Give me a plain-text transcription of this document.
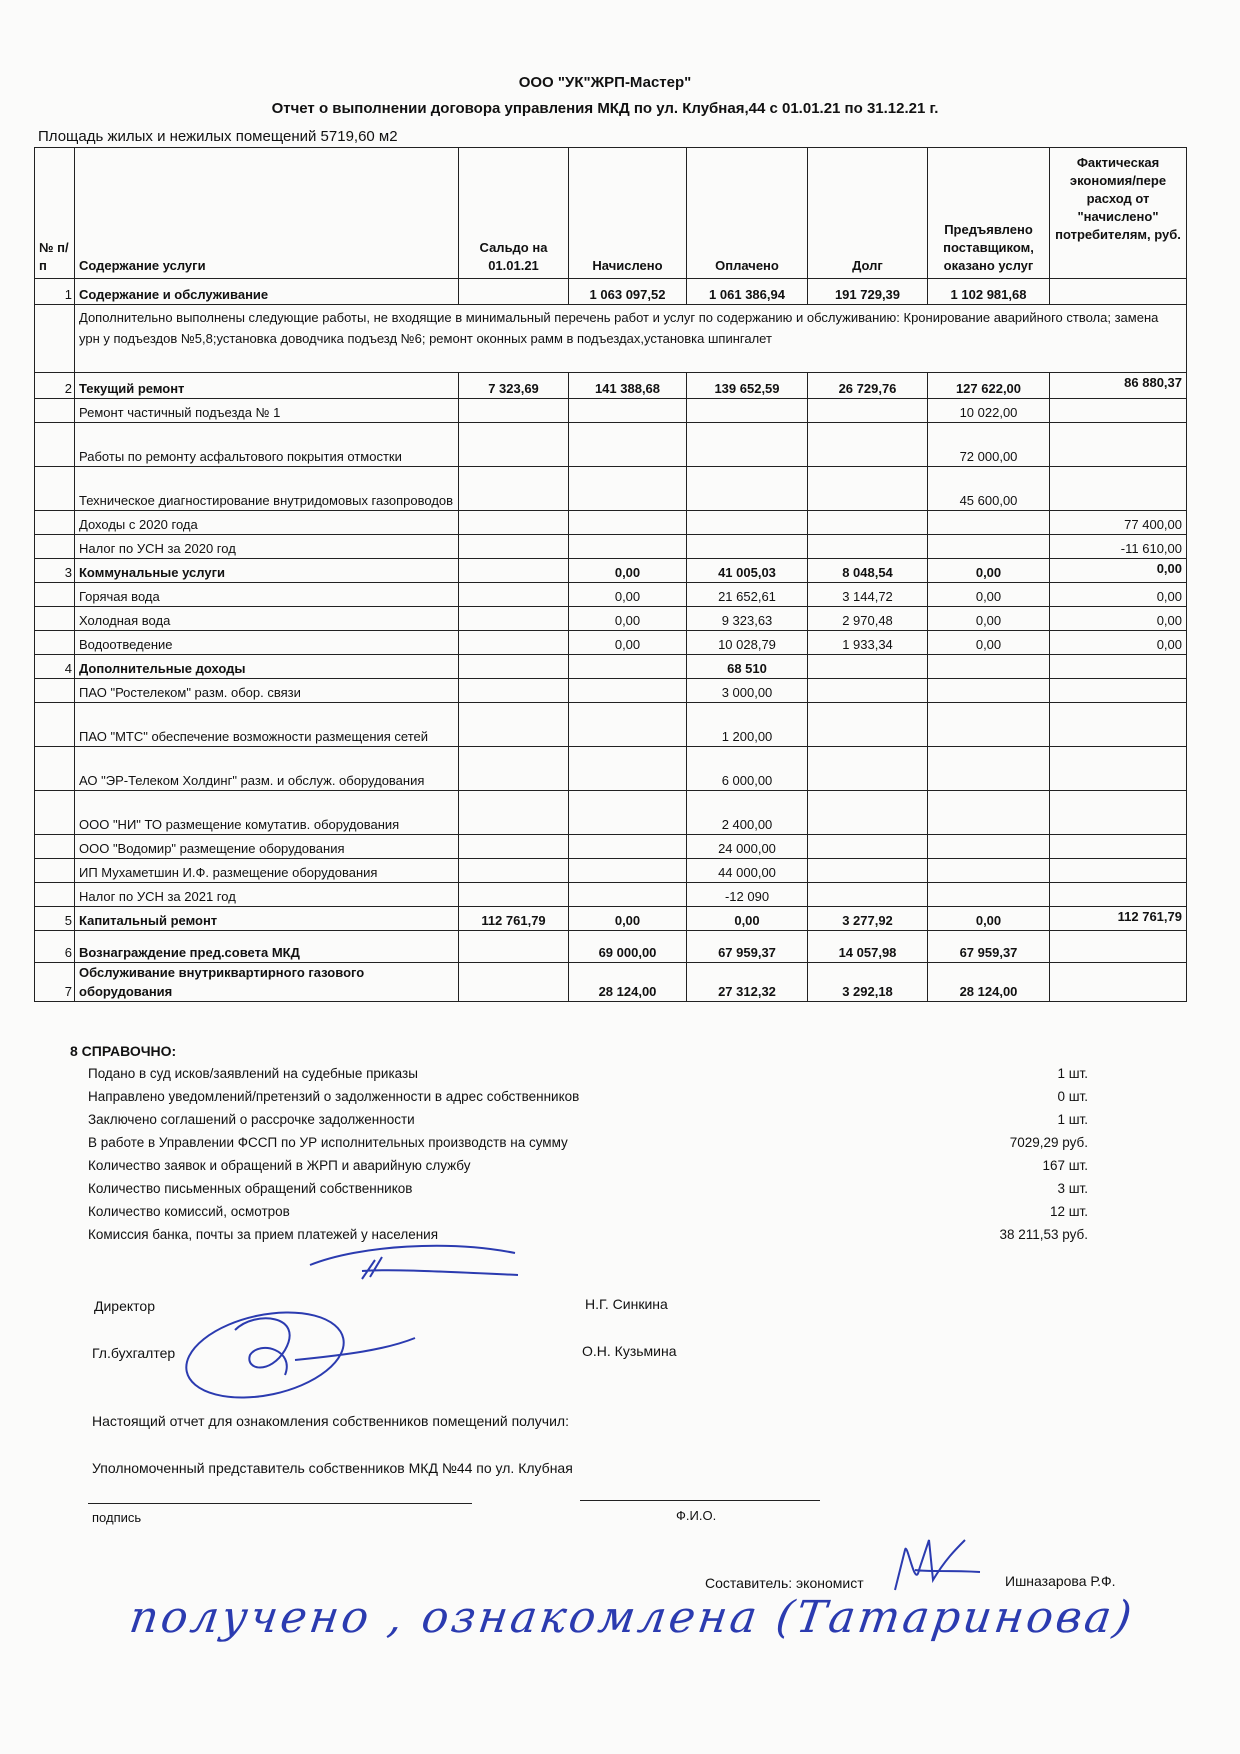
ООО "УК"ЖРП-Мастер"
Отчет о выполнении договора управления МКД по ул. Клубная,44 с 01.01.21 по 31.12.21 г.
Площадь жилых и нежилых помещений 5719,60 м2
№ п/п	Содержание услуги	Сальдо на 01.01.21	Начислено	Оплачено	Долг	Предъявлено поставщиком, оказано услуг	Фактическая экономия/пере расход от "начислено" потребителям, руб.
1	Содержание и обслуживание		1 063 097,52	1 061 386,94	191 729,39	1 102 981,68	
	Дополнительно выполнены следующие работы, не входящие в минимальный перечень работ и услуг по содержанию и обслуживанию: Кронирование аварийного ствола; замена урн у подъездов №5,8;установка доводчика подъезд №6; ремонт оконных рамм в подъездах,установка шпингалет						
2	Текущий ремонт	7 323,69	141 388,68	139 652,59	26 729,76	127 622,00	86 880,37
	Ремонт частичный подъезда № 1					10 022,00	
	Работы по ремонту асфальтового покрытия отмостки					72 000,00	
	Техническое диагностирование внутридомовых газопроводов					45 600,00	
	Доходы с 2020 года						77 400,00
	Налог по УСН за 2020 год						-11 610,00
3	Коммунальные услуги		0,00	41 005,03	8 048,54	0,00	0,00
	Горячая вода		0,00	21 652,61	3 144,72	0,00	0,00
	Холодная вода		0,00	9 323,63	2 970,48	0,00	0,00
	Водоотведение		0,00	10 028,79	1 933,34	0,00	0,00
4	Дополнительные доходы			68 510			
	ПАО "Ростелеком" разм. обор. связи			3 000,00			
	ПАО "МТС" обеспечение возможности размещения сетей			1 200,00			
	АО "ЭР-Телеком Холдинг" разм. и обслуж. оборудования			6 000,00			
	ООО "НИ" ТО размещение комутатив. оборудования			2 400,00			
	ООО "Водомир" размещение оборудования			24 000,00			
	ИП Мухаметшин И.Ф. размещение оборудования			44 000,00			
	Налог по УСН за 2021 год			-12 090			
5	Капитальный ремонт	112 761,79	0,00	0,00	3 277,92	0,00	112 761,79
6	Вознаграждение пред.совета МКД		69 000,00	67 959,37	14 057,98	67 959,37	
7	Обслуживание внутриквартирного газового оборудования		28 124,00	27 312,32	3 292,18	28 124,00	
8 СПРАВОЧНО:
Подано в суд исков/заявлений на судебные приказы	1 шт.
Направлено уведомлений/претензий о задолженности в адрес собственников	0 шт.
Заключено соглашений о рассрочке задолженности	1 шт.
В работе в Управлении ФССП по УР исполнительных производств на сумму	7029,29 руб.
Количество заявок и обращений в ЖРП и аварийную службу	167 шт.
Количество письменных обращений собственников	3 шт.
Количество комиссий, осмотров	12 шт.
Комиссия банка, почты за прием платежей у населения	38 211,53 руб.
Директор	Н.Г. Синкина
Гл.бухгалтер	О.Н. Кузьмина
Настоящий отчет для ознакомления собственников помещений получил:
Уполномоченный представитель собственников МКД №44 по ул. Клубная
подпись	Ф.И.О.
Составитель: экономист	Ишназарова Р.Ф.
получено , ознакомлена (Татаринова)
